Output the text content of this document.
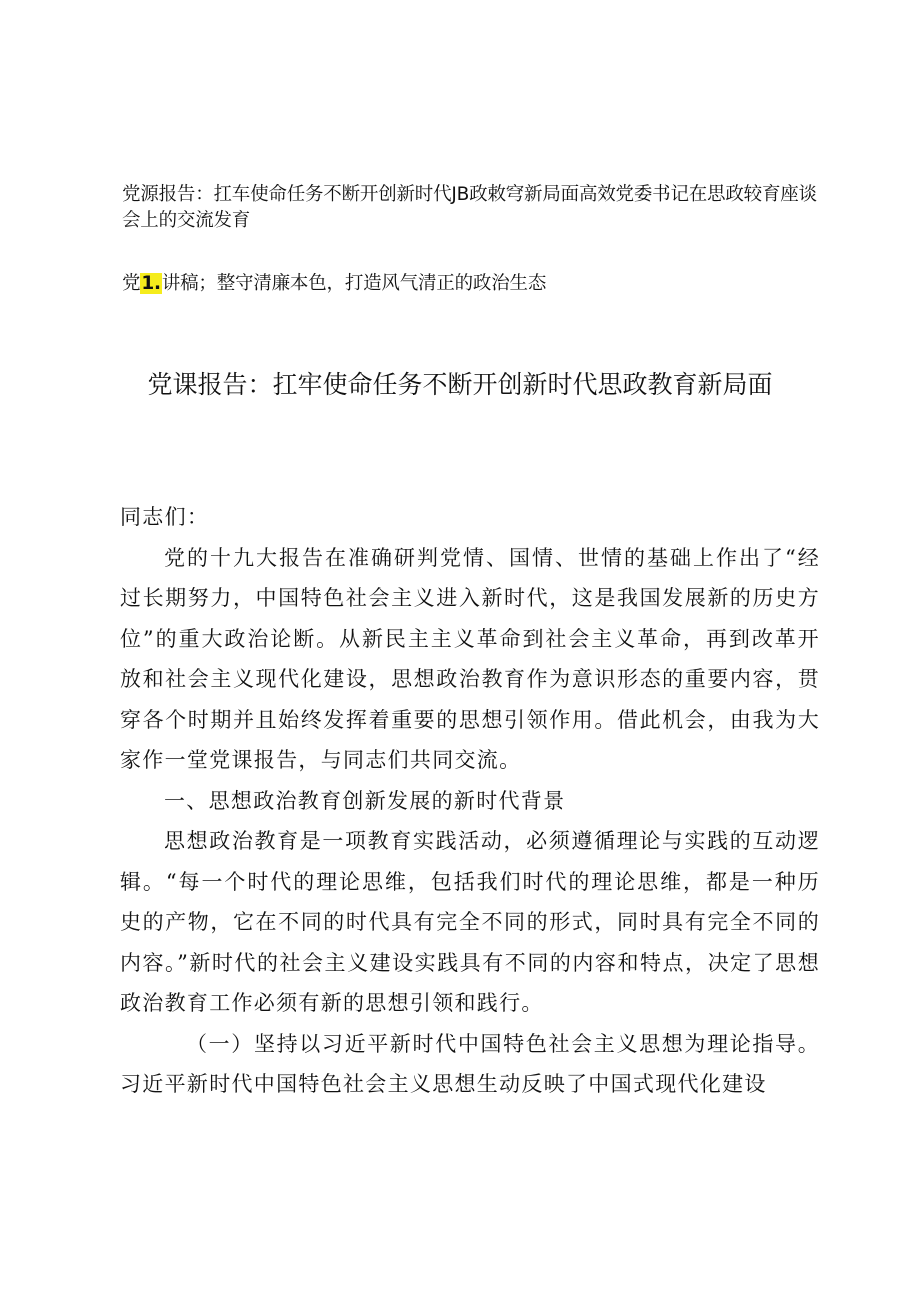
党源报告：扛车使命任务不断开创新时代JB政敕穹新局面高效党委书记在思政较育座谈会上的交流发育
党1.讲稿；整守清廉本色，打造风气清正的政治生态
党课报告：扛牢使命任务不断开创新时代思政教育新局面

同志们：

党的十九大报告在准确研判党情、国情、世情的基础上作出了“经过长期努力，中国特色社会主义进入新时代，这是我国发展新的历史方位”的重大政治论断。从新民主主义革命到社会主义革命，再到改革开放和社会主义现代化建设，思想政治教育作为意识形态的重要内容，贯穿各个时期并且始终发挥着重要的思想引领作用。借此机会，由我为大家作一堂党课报告，与同志们共同交流。

一、思想政治教育创新发展的新时代背景

思想政治教育是一项教育实践活动，必须遵循理论与实践的互动逻辑。“每一个时代的理论思维，包括我们时代的理论思维，都是一种历史的产物，它在不同的时代具有完全不同的形式，同时具有完全不同的内容。”新时代的社会主义建设实践具有不同的内容和特点，决定了思想政治教育工作必须有新的思想引领和践行。

（一）坚持以习近平新时代中国特色社会主义思想为理论指导。习近平新时代中国特色社会主义思想生动反映了中国式现代化建设
